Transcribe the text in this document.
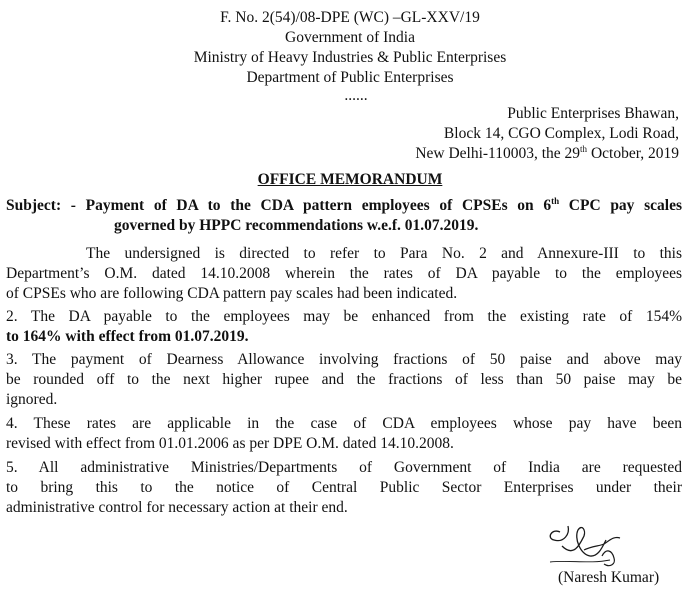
F. No. 2(54)/08-DPE (WC) –GL-XXV/19
Government of India
Ministry of Heavy Industries & Public Enterprises
Department of Public Enterprises
......
Public Enterprises Bhawan,
Block 14, CGO Complex, Lodi Road,
New Delhi-110003, the 29th October, 2019
OFFICE MEMORANDUM
Subject: - Payment of DA to the CDA pattern employees of CPSEs on 6th CPC pay scales
governed by HPPC recommendations w.e.f. 01.07.2019.
The undersigned is directed to refer to Para No. 2 and Annexure-III to this
Department’s O.M. dated 14.10.2008 wherein the rates of DA payable to the employees
of CPSEs who are following CDA pattern pay scales had been indicated.
2. The DA payable to the employees may be enhanced from the existing rate of 154%
to 164% with effect from 01.07.2019.
3. The payment of Dearness Allowance involving fractions of 50 paise and above may
be rounded off to the next higher rupee and the fractions of less than 50 paise may be
ignored.
4. These rates are applicable in the case of CDA employees whose pay have been
revised with effect from 01.01.2006 as per DPE O.M. dated 14.10.2008.
5. All administrative Ministries/Departments of Government of India are requested
to bring this to the notice of Central Public Sector Enterprises under their
administrative control for necessary action at their end.
(Naresh Kumar)
